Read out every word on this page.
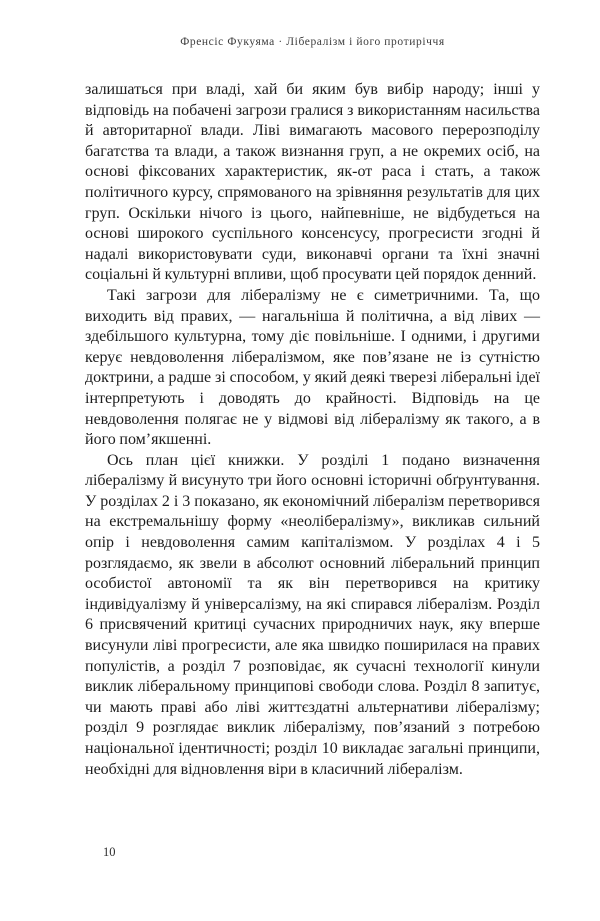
Френсіс Фукуяма · Лібералізм і його протиріччя

залишаться при владі, хай би яким був вибір народу; інші у відповідь на побачені загрози гралися з використанням насильства й авторитарної влади. Ліві вимагають масового перерозподілу багатства та влади, а також визнання груп, а не окремих осіб, на основі фіксованих характеристик, як-от раса і стать, а також політичного курсу, спрямованого на зрівняння результатів для цих груп. Оскільки нічого із цього, найпевніше, не відбудеться на основі широкого суспільного консенсусу, прогресисти згодні й надалі використовувати суди, виконавчі органи та їхні значні соціальні й культурні впливи, щоб просувати цей порядок денний.

Такі загрози для лібералізму не є симетричними. Та, що виходить від правих, — нагальніша й політична, а від лівих — здебільшого культурна, тому діє повільніше. І одними, і другими керує невдоволення лібералізмом, яке пов’язане не із сутністю доктрини, а радше зі способом, у який деякі тверезі ліберальні ідеї інтерпретують і доводять до крайності. Відповідь на це невдоволення полягає не у відмові від лібералізму як такого, а в його пом’якшенні.

Ось план цієї книжки. У розділі 1 подано визначення лібералізму й висунуто три його основні історичні обґрунтування. У розділах 2 і 3 показано, як економічний лібералізм перетворився на екстремальнішу форму «неолібералізму», викликав сильний опір і невдоволення самим капіталізмом. У розділах 4 і 5 розглядаємо, як звели в абсолют основний ліберальний принцип особистої автономії та як він перетворився на критику індивідуалізму й універсалізму, на які спирався лібералізм. Розділ 6 присвячений критиці сучасних природничих наук, яку вперше висунули ліві прогресисти, але яка швидко поширилася на правих популістів, а розділ 7 розповідає, як сучасні технології кинули виклик ліберальному принципові свободи слова. Розділ 8 запитує, чи мають праві або ліві життєздатні альтернативи лібералізму; розділ 9 розглядає виклик лібералізму, пов’язаний з потребою національної ідентичності; розділ 10 викладає загальні принципи, необхідні для відновлення віри в класичний лібералізм.

10
